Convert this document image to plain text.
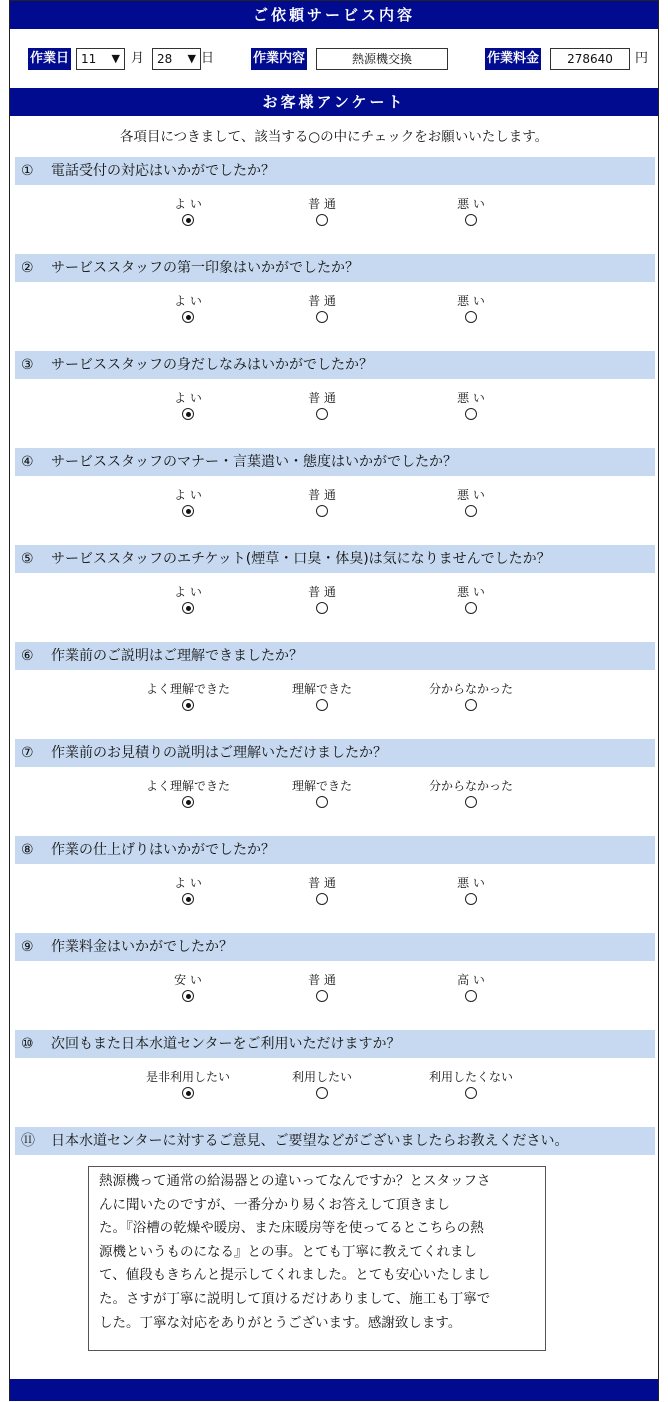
ご依頼サービス内容
作業日 11 ▼ 月 28 ▼ 日	作業内容	熱源機交換	作業料金	278640	円
お客様アンケート
各項目につきまして、該当する○の中にチェックをお願いいたします。
① 電話受付の対応はいかがでしたか？
よ い	普 通	悪 い
② サービススタッフの第一印象はいかがでしたか？
よ い	普 通	悪 い
③ サービススタッフの身だしなみはいかがでしたか？
よ い	普 通	悪 い
④ サービススタッフのマナー・言葉遣い・態度はいかがでしたか？
よ い	普 通	悪 い
⑤ サービススタッフのエチケット(煙草・口臭・体臭)は気になりませんでしたか？
よ い	普 通	悪 い
⑥ 作業前のご説明はご理解できましたか？
よく理解できた	理解できた	分からなかった
⑦ 作業前のお見積りの説明はご理解いただけましたか？
よく理解できた	理解できた	分からなかった
⑧ 作業の仕上げりはいかがでしたか？
よ い	普 通	悪 い
⑨ 作業料金はいかがでしたか？
安 い	普 通	高 い
⑩ 次回もまた日本水道センターをご利用いただけますか？
是非利用したい	利用したい	利用したくない
⑪ 日本水道センターに対するご意見、ご要望などがございましたらお教えください。
熱源機って通常の給湯器との違いってなんですか？とスタッフさ
んに聞いたのですが、一番分かり易くお答えして頂きまし
た。『浴槽の乾燥や暖房、また床暖房等を使ってるとこちらの熱
源機というものになる』との事。とても丁寧に教えてくれまし
て、値段もきちんと提示してくれました。とても安心いたしまし
た。さすが丁寧に説明して頂けるだけありまして、施工も丁寧で
した。丁寧な対応をありがとうございます。感謝致します。
